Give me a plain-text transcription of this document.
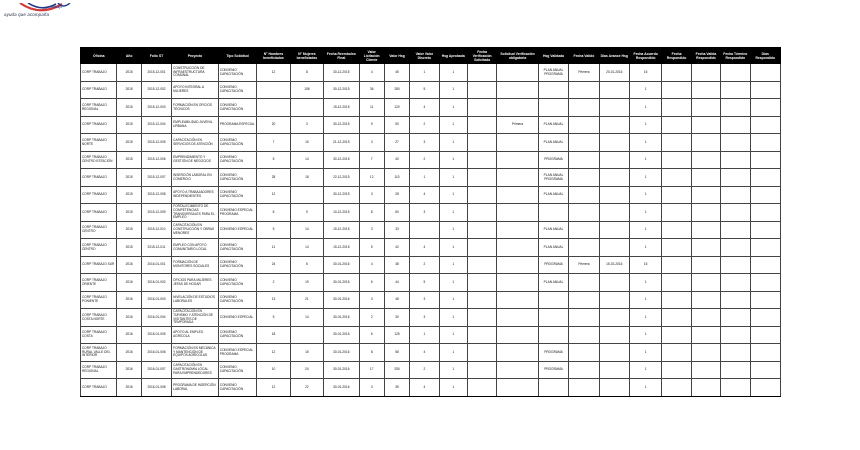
Trabajo
ayuda que acompaña
Oficina	Año	Folio ST	Proyecto	Tipo Solicitud	N° Hombres beneficiados	N° Mujeres beneficiadas	Fecha Reembolso Final	Valor Licitación Cliente	Valor Hsg	Valor Valor Discreto	Hsg Aprobada	Fecha Verificación Solicitada	Solicitud Verificación obligatoria	Hsg Validada	Fecha Validó	Días Avance Hsg	Fecha Acuerdo Respondido	Fecha Respondido	Fecha Valida Respondido	Fecha Término Respondido	Días Respondido
CORP TRABAJO	2015	2015-12-001	CONSTRUCCIÓN DE INFRAESTRUCTURA COMUNAL	CONVENIO CAPACITACIÓN	12	8	30-12-2015	4	45	1	1			PLAN ANUAL PROGRAMA	Primera	20-01-2016	15				
CORP TRABAJO	2015	2015-12-002	APOYO INTEGRAL A MUJERES	CONVENIO CAPACITACIÓN		108	30-12-2015	36	280	5	1						1				
CORP TRABAJO REGIONAL	2015	2015-12-003	FORMACIÓN EN OFICIOS TÉCNICOS	CONVENIO CAPACITACIÓN			15-12-2015	11	120	4	1						1				
CORP TRABAJO	2015	2015-12-004	EMPLEABILIDAD JUVENIL URBANA	PROGRAMA ESPECIAL	20	3	30-12-2015	9	50	2	1		Primera	PLAN ANUAL			1				
CORP TRABAJO NORTE	2015	2015-12-005	CAPACITACIÓN EN SERVICIOS DE ATENCIÓN	CONVENIO CAPACITACIÓN	7	15	21-12-2015	3	27	3	1			PLAN ANUAL			1				
CORP TRABAJO CENTRO ESTACIÓN	2015	2015-12-006	EMPRENDIMIENTO Y GESTIÓN DE NEGOCIOS	CONVENIO CAPACITACIÓN	5	14	30-12-2015	7	40	2	1			PROGRAMA			1				
CORP TRABAJO	2015	2015-12-007	INSERCIÓN LABORAL EN COMERCIO	CONVENIO CAPACITACIÓN	28	18	22-12-2015	12	110	1	1			PLAN ANUAL PROGRAMA			1				
CORP TRABAJO	2015	2015-12-008	APOYO A TRABAJADORES INDEPENDIENTES	CONVENIO CAPACITACIÓN	12		30-12-2015	3	28	4	1			PLAN ANUAL			1				
CORP TRABAJO	2015	2015-12-009	FORTALECIMIENTO DE COMPETENCIAS TRANSVERSALES PARA EL EMPLEO	CONVENIO ESPECIAL PROGRAMA	8	9	10-12-2015	8	60	3	1						1				
CORP TRABAJO CENTRO	2015	2015-12-010	CAPACITACIÓN EN CONSTRUCCIÓN Y OBRAS MENORES	CONVENIO ESPECIAL	5	14	15-12-2015	3	33		1			PLAN ANUAL			1				
CORP TRABAJO CENTRO	2015	2015-12-011	EMPLEO CON APOYO COMUNITARIO LOCAL	CONVENIO CAPACITACIÓN	11	14	15-12-2015	5	42	4	1			PLAN ANUAL			1				
CORP TRABAJO SUR	2016	2016-01-001	FORMACIÓN DE MONITORES SOCIALES	CONVENIO CAPACITACIÓN	24	6	30-01-2016	4	38	2	1			PROGRAMA	Primera	15-02-2016	15				
CORP TRABAJO ORIENTE	2016	2016-01-002	OFICIOS PARA MUJERES JEFAS DE HOGAR	CONVENIO CAPACITACIÓN	2	19	30-01-2016	6	44	5	1			PLAN ANUAL			1				
CORP TRABAJO PONIENTE	2016	2016-01-003	NIVELACIÓN DE ESTUDIOS LABORALES	CONVENIO CAPACITACIÓN	13	21	30-01-2016	3	48	3	1						1				
CORP TRABAJO COSTA NORTE	2016	2016-01-004	CAPACITACIÓN EN TURISMO Y ATENCIÓN DE VISITANTES DE TEMPORADA	CONVENIO ESPECIAL	5	14	30-01-2016	2	30	3	1						1				
CORP TRABAJO COSTA	2016	2016-01-005	APOYO AL EMPLEO AGRÍCOLA	CONVENIO CAPACITACIÓN	18		30-01-2016	6	125	1	1						1				
CORP TRABAJO RURAL VALLE DEL INTERIOR	2016	2016-01-006	FORMACIÓN EN MECÁNICA Y MANTENCIÓN DE EQUIPOS AGRÍCOLAS	CONVENIO ESPECIAL PROGRAMA	12	15	30-01-2016	8	58	4	1			PROGRAMA			1				
CORP TRABAJO REGIONAL	2016	2016-01-007	CAPACITACIÓN EN GASTRONOMÍA LOCAL PARA EMPRENDEDORES	CONVENIO CAPACITACIÓN	10	24	30-01-2016	17	250	2	1			PROGRAMA			1				
CORP TRABAJO	2016	2016-01-008	PROGRAMA DE INSERCIÓN LABORAL	CONVENIO CAPACITACIÓN	12	22	30-01-2016	3	35	4	1						1				
